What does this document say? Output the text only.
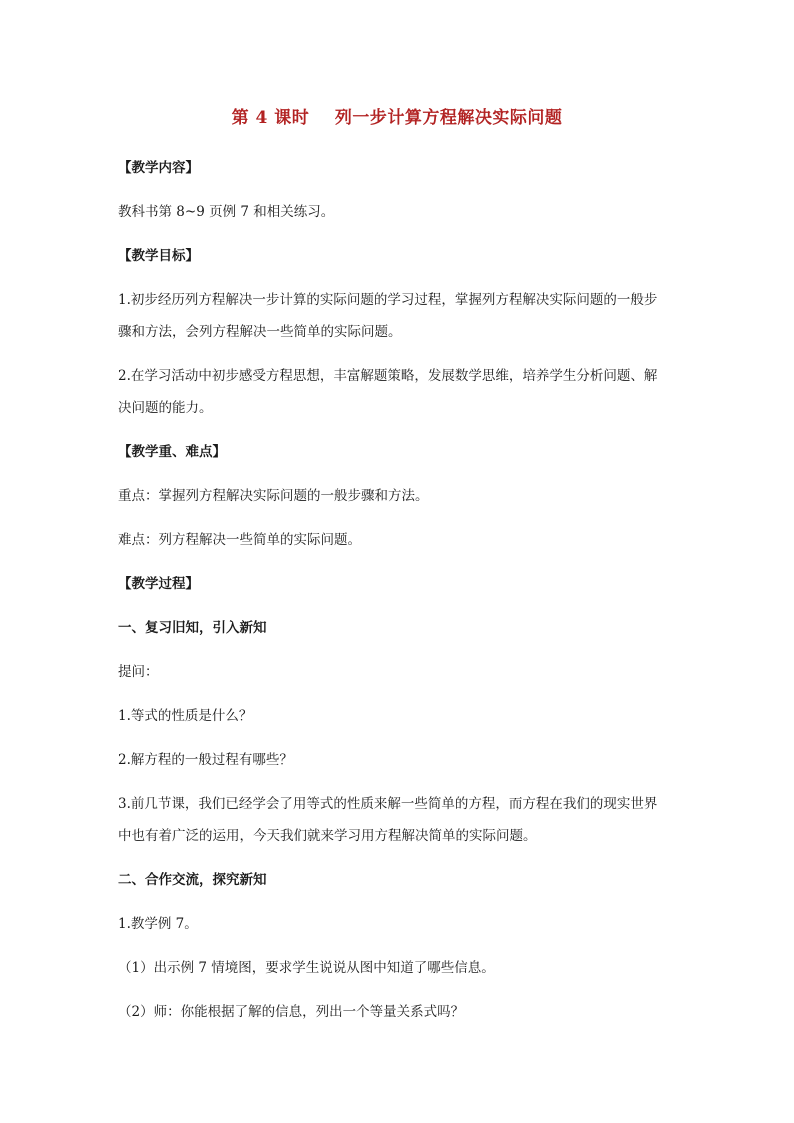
第 4 课时    列一步计算方程解决实际问题
【教学内容】
教科书第 8~9 页例 7 和相关练习。
【教学目标】
1.初步经历列方程解决一步计算的实际问题的学习过程，掌握列方程解决实际问题的一般步
骤和方法，会列方程解决一些简单的实际问题。
2.在学习活动中初步感受方程思想，丰富解题策略，发展数学思维，培养学生分析问题、解
决问题的能力。
【教学重、难点】
重点：掌握列方程解决实际问题的一般步骤和方法。
难点：列方程解决一些简单的实际问题。
【教学过程】
一、复习旧知，引入新知
提问：
1.等式的性质是什么？
2.解方程的一般过程有哪些？
3.前几节课，我们已经学会了用等式的性质来解一些简单的方程，而方程在我们的现实世界
中也有着广泛的运用，今天我们就来学习用方程解决简单的实际问题。
二、合作交流，探究新知
1.教学例 7。
（1）出示例 7 情境图，要求学生说说从图中知道了哪些信息。
（2）师：你能根据了解的信息，列出一个等量关系式吗？
